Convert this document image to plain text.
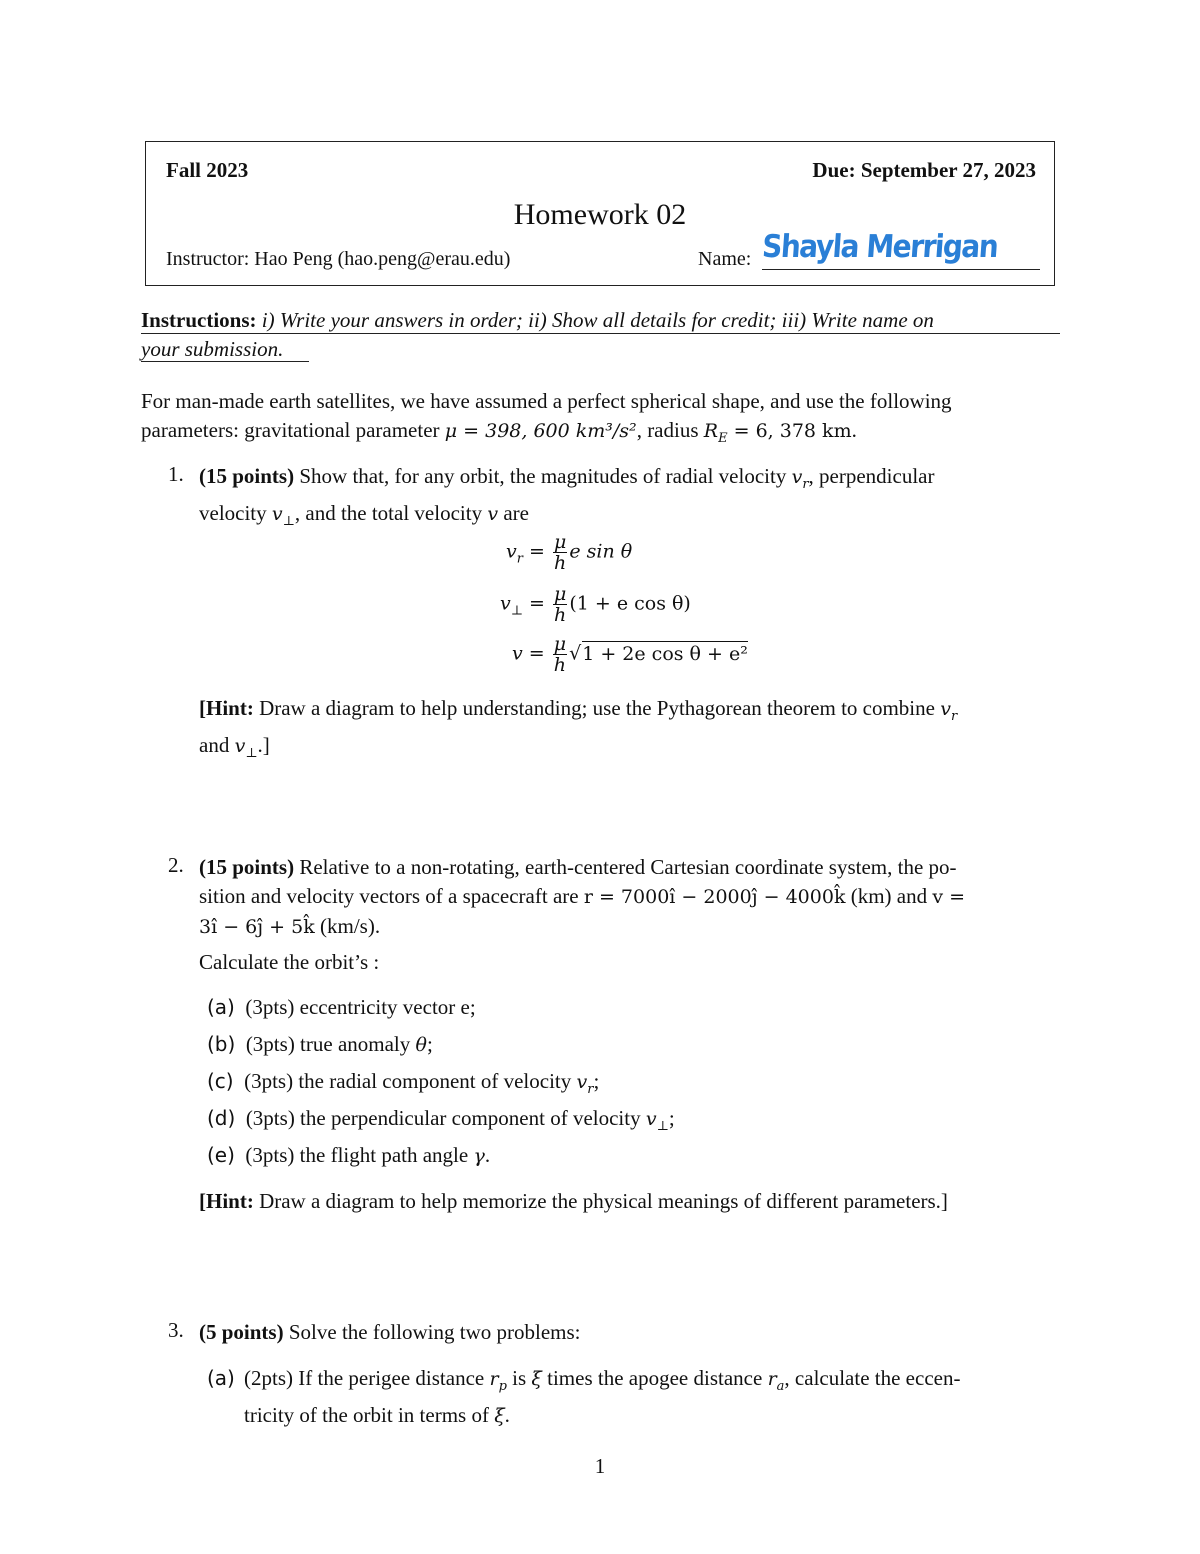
Fall 2023	Due: September 27, 2023
Homework 02
Instructor: Hao Peng (hao.peng@erau.edu)	Name: Shayla Merrigan
Instructions: i) Write your answers in order; ii) Show all details for credit; iii) Write name on
your submission.
For man-made earth satellites, we have assumed a perfect spherical shape, and use the following
parameters: gravitational parameter μ = 398, 600 km³/s², radius $R_E = 6$, 378 km.
1. (15 points) Show that, for any orbit, the magnitudes of radial velocity $v_r$, perpendicular
velocity $v_\perp$, and the total velocity v are
$v_r = \frac{\mu}{h}$ e sin θ
$v_\perp = \frac{\mu}{h} (1 + e$ cos θ)
$v = \frac{\mu}{h} √1 + 2e$ cos θ + e²
[Hint: Draw a diagram to help understanding; use the Pythagorean theorem to combine $v_r$
and $v_\perp$.]
2. (15 points) Relative to a non-rotating, earth-centered Cartesian coordinate system, the po-
sition and velocity vectors of a spacecraft are r = 7000î − 2000ĵ − 4000k̂ (km) and v =
3î − 6ĵ + 5k̂ (km/s).
Calculate the orbit’s :
(a) (3pts) eccentricity vector e;
(b) (3pts) true anomaly θ;
(c) (3pts) the radial component of velocity $v_r$;
(d) (3pts) the perpendicular component of velocity $v_\perp$;
(e) (3pts) the flight path angle γ.
[Hint: Draw a diagram to help memorize the physical meanings of different parameters.]
3. (5 points) Solve the following two problems:
(a) (2pts) If the perigee distance $r_p$ is ξ times the apogee distance $r_a$, calculate the eccen-
tricity of the orbit in terms of ξ.
1
